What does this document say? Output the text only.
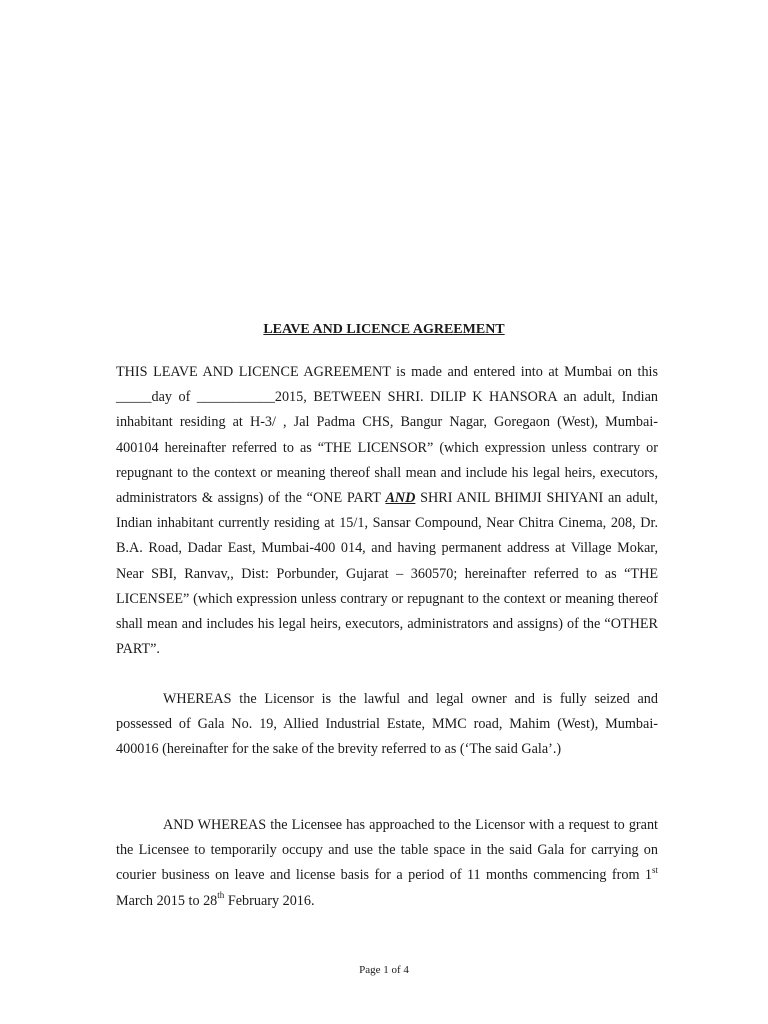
LEAVE AND LICENCE AGREEMENT

THIS LEAVE AND LICENCE AGREEMENT is made and entered into at Mumbai on this _____day of ___________2015, BETWEEN SHRI. DILIP K HANSORA an adult, Indian inhabitant residing at H-3/ , Jal Padma CHS, Bangur Nagar, Goregaon (West), Mumbai- 400104 hereinafter referred to as “THE LICENSOR” (which expression unless contrary or repugnant to the context or meaning thereof shall mean and include his legal heirs, executors, administrators & assigns) of the “ONE PART AND SHRI ANIL BHIMJI SHIYANI an adult, Indian inhabitant currently residing at 15/1, Sansar Compound, Near Chitra Cinema, 208, Dr. B.A. Road, Dadar East, Mumbai-400 014, and having permanent address at Village Mokar, Near SBI, Ranvav,, Dist: Porbunder, Gujarat – 360570; hereinafter referred to as “THE LICENSEE” (which expression unless contrary or repugnant to the context or meaning thereof shall mean and includes his legal heirs, executors, administrators and assigns) of the “OTHER PART”.

WHEREAS the Licensor is the lawful and legal owner and is fully seized and possessed of Gala No. 19, Allied Industrial Estate, MMC road, Mahim (West), Mumbai-400016 (hereinafter for the sake of the brevity referred to as (‘The said Gala’.)

AND WHEREAS the Licensee has approached to the Licensor with a request to grant the Licensee to temporarily occupy and use the table space in the said Gala for carrying on courier business on leave and license basis for a period of 11 months commencing from 1st March 2015 to 28th February 2016.

Page 1 of 4
